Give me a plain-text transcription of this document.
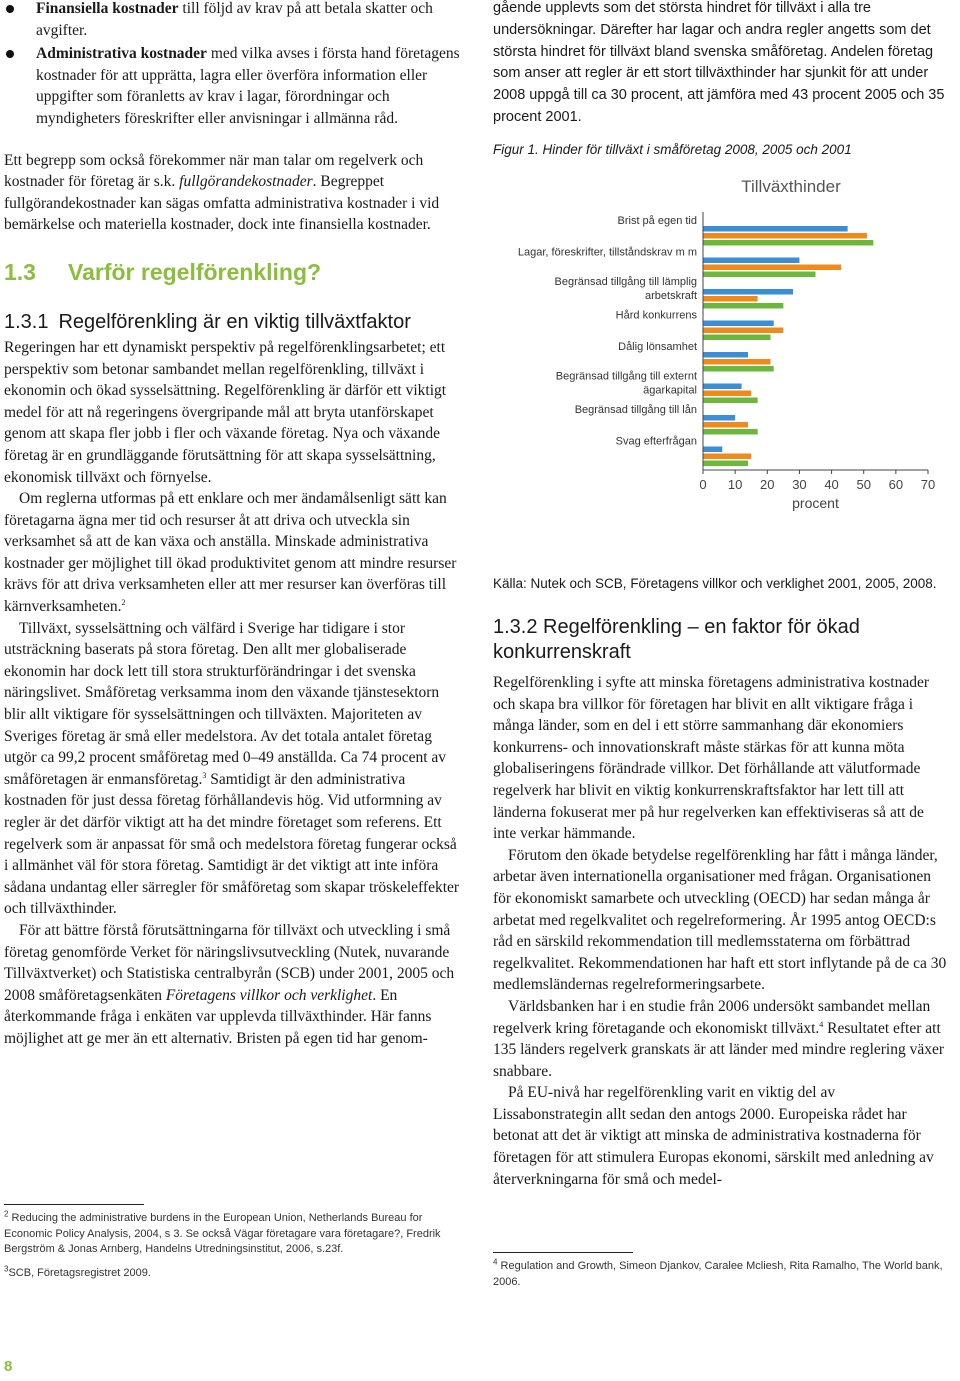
Finansiella kostnader till följd av krav på att betala skatter och avgifter.
Administrativa kostnader med vilka avses i första hand företagens kostnader för att upprätta, lagra eller överföra information eller uppgifter som föranletts av krav i lagar, förordningar och myndigheters föreskrifter eller anvisningar i allmänna råd.

Ett begrepp som också förekommer när man talar om regelverk och kostnader för företag är s.k. fullgörandekostnader. Begreppet fullgörandekostnader kan sägas omfatta administrativa kostnader i vid bemärkelse och materiella kostnader, dock inte finansiella kostnader.

1.3 Varför regelförenkling?
1.3.1 Regelförenkling är en viktig tillväxtfaktor

Regeringen har ett dynamiskt perspektiv på regelförenklingsarbetet; ett perspektiv som betonar sambandet mellan regelförenkling, tillväxt i ekonomin och ökad sysselsättning. Regelförenkling är därför ett viktigt medel för att nå regeringens övergripande mål att bryta utanförskapet genom att skapa fler jobb i fler och växande företag. Nya och växande företag är en grundläggande förutsättning för att skapa sysselsättning, ekonomisk tillväxt och förnyelse.

Om reglerna utformas på ett enklare och mer ändamålsenligt sätt kan företagarna ägna mer tid och resurser åt att driva och utveckla sin verksamhet så att de kan växa och anställa. Minskade administrativa kostnader ger möjlighet till ökad produktivitet genom att mindre resurser krävs för att driva verksamheten eller att mer resurser kan överföras till kärnverksamheten.$^2$

Tillväxt, sysselsättning och välfärd i Sverige har tidigare i stor utsträckning baserats på stora företag. Den allt mer globaliserade ekonomin har dock lett till stora strukturförändringar i det svenska näringslivet. Småföretag verksamma inom den växande tjänstesektorn blir allt viktigare för sysselsättningen och tillväxten. Majoriteten av Sveriges företag är små eller medelstora. Av det totala antalet företag utgör ca 99,2 procent småföretag med 0–49 anställda. Ca 74 procent av småföretagen är enmansföretag.$^3$ Samtidigt är den administrativa kostnaden för just dessa företag förhållandevis hög. Vid utformning av regler är det därför viktigt att ha det mindre företaget som referens. Ett regelverk som är anpassat för små och medelstora företag fungerar också i allmänhet väl för stora företag. Samtidigt är det viktigt att inte införa sådana undantag eller särregler för småföretag som skapar tröskeleffekter och tillväxthinder.

För att bättre förstå förutsättningarna för tillväxt och utveckling i små företag genomförde Verket för näringslivsutveckling (Nutek, nuvarande Tillväxtverket) och Statistiska centralbyrån (SCB) under 2001, 2005 och 2008 småföretagsenkäten Företagens villkor och verklighet. En återkommande fråga i enkäten var upplevda tillväxthinder. Här fanns möjlighet att ge mer än ett alternativ. Bristen på egen tid har genom-

$^2$ Reducing the administrative burdens in the European Union, Netherlands Bureau for Economic Policy Analysis, 2004, s 3. Se också Vägar företagare vara företagare?, Fredrik Bergström & Jonas Arnberg, Handelns Utredningsinstitut, 2006, s.23f.
$^3$SCB, Företagsregistret 2009.

gående upplevts som det största hindret för tillväxt i alla tre undersökningar. Därefter har lagar och andra regler angetts som det största hindret för tillväxt bland svenska småföretag. Andelen företag som anser att regler är ett stort tillväxthinder har sjunkit för att under 2008 uppgå till ca 30 procent, att jämföra med 43 procent 2005 och 35 procent 2001.

Figur 1. Hinder för tillväxt i småföretag 2008, 2005 och 2001
Tillväxthinder
Brist på egen tid
Lagar, föreskrifter, tillståndskrav m m
Begränsad tillgång till lämplig
arbetskraft
Hård konkurrens
Dålig lönsamhet
Begränsad tillgång till externt
ägarkapital
Begränsad tillgång till lån
Svag efterfrågan
0 10 20 30 40 50 60 70
procent
Källa: Nutek och SCB, Företagens villkor och verklighet 2001, 2005, 2008.
1.3.2 Regelförenkling – en faktor för ökad konkurrenskraft

Regelförenkling i syfte att minska företagens administrativa kostnader och skapa bra villkor för företagen har blivit en allt viktigare fråga i många länder, som en del i ett större sammanhang där ekonomiers konkurrens- och innovationskraft måste stärkas för att kunna möta globaliseringens förändrade villkor. Det förhållande att välutformade regelverk har blivit en viktig konkurrenskraftsfaktor har lett till att länderna fokuserat mer på hur regelverken kan effektiviseras så att de inte verkar hämmande.

Förutom den ökade betydelse regelförenkling har fått i många länder, arbetar även internationella organisationer med frågan. Organisationen för ekonomiskt samarbete och utveckling (OECD) har sedan många år arbetat med regelkvalitet och regelreformering. År 1995 antog OECD:s råd en särskild rekommendation till medlemsstaterna om förbättrad regelkvalitet. Rekommendationen har haft ett stort inflytande på de ca 30 medlemsländernas regelreformeringsarbete.

Världsbanken har i en studie från 2006 undersökt sambandet mellan regelverk kring företagande och ekonomiskt tillväxt.$^4$ Resultatet efter att 135 länders regelverk granskats är att länder med mindre reglering växer snabbare.

På EU-nivå har regelförenkling varit en viktig del av Lissabonstrategin allt sedan den antogs 2000. Europeiska rådet har betonat att det är viktigt att minska de administrativa kostnaderna för företagen för att stimulera Europas ekonomi, särskilt med anledning av återverkningarna för små och medel-

$^4$ Regulation and Growth, Simeon Djankov, Caralee Mcliesh, Rita Ramalho, The World bank, 2006.
8
